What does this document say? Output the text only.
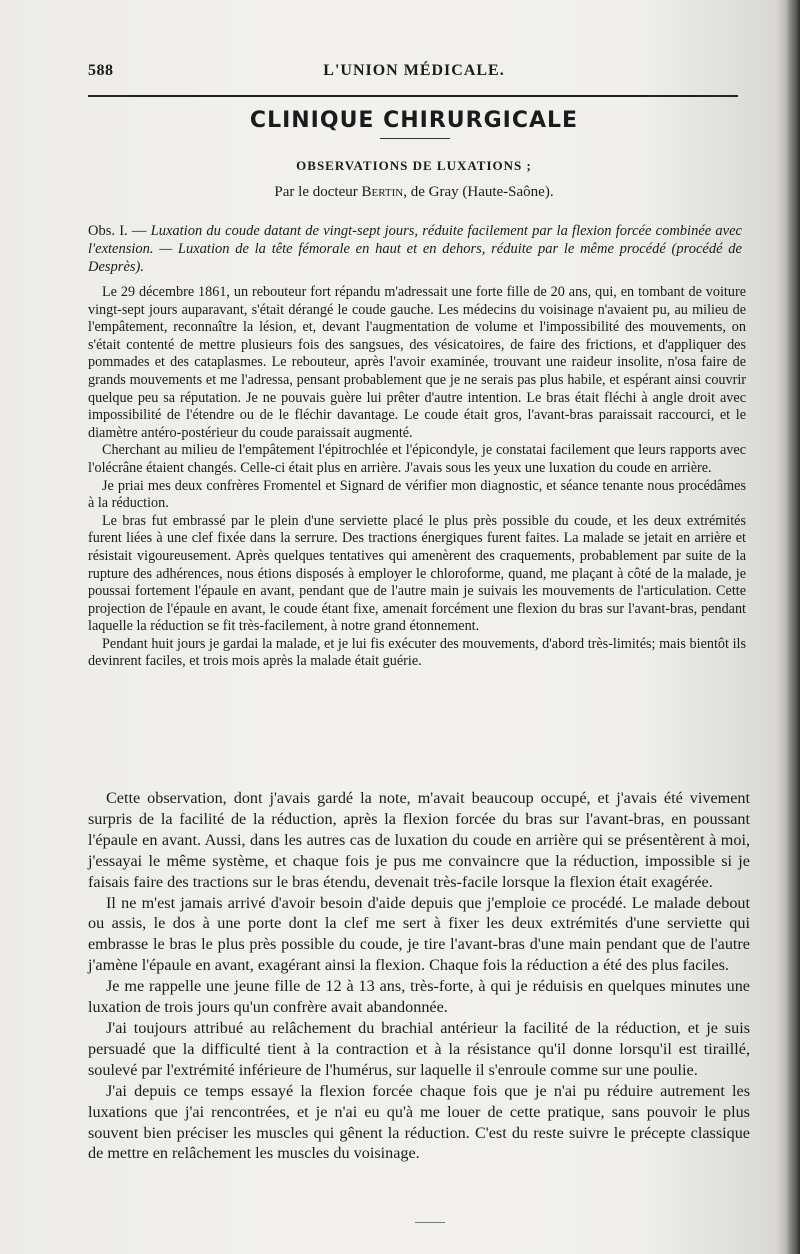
588	L'UNION MÉDICALE.
CLINIQUE CHIRURGICALE
OBSERVATIONS DE LUXATIONS ;
Par le docteur Bertin, de Gray (Haute-Saône).
Obs. I. — Luxation du coude datant de vingt-sept jours, réduite facilement par la flexion forcée combinée avec l'extension. — Luxation de la tête fémorale en haut et en dehors, réduite par le même procédé (procédé de Desprès).

Le 29 décembre 1861, un rebouteur fort répandu m'adressait une forte fille de 20 ans, qui, en tombant de voiture vingt-sept jours auparavant, s'était dérangé le coude gauche. Les médecins du voisinage n'avaient pu, au milieu de l'empâtement, reconnaître la lésion, et, devant l'augmentation de volume et l'impossibilité des mouvements, on s'était contenté de mettre plusieurs fois des sangsues, des vésicatoires, de faire des frictions, et d'appliquer des pommades et des cataplasmes. Le rebouteur, après l'avoir examinée, trouvant une raideur insolite, n'osa faire de grands mouvements et me l'adressa, pensant probablement que je ne serais pas plus habile, et espérant ainsi couvrir quelque peu sa réputation. Je ne pouvais guère lui prêter d'autre intention. Le bras était fléchi à angle droit avec impossibilité de l'étendre ou de le fléchir davantage. Le coude était gros, l'avant-bras paraissait raccourci, et le diamètre antéro-postérieur du coude paraissait augmenté.

Cherchant au milieu de l'empâtement l'épitrochlée et l'épicondyle, je constatai facilement que leurs rapports avec l'olécrâne étaient changés. Celle-ci était plus en arrière. J'avais sous les yeux une luxation du coude en arrière.

Je priai mes deux confrères Fromentel et Signard de vérifier mon diagnostic, et séance tenante nous procédâmes à la réduction.

Le bras fut embrassé par le plein d'une serviette placé le plus près possible du coude, et les deux extrémités furent liées à une clef fixée dans la serrure. Des tractions énergiques furent faites. La malade se jetait en arrière et résistait vigoureusement. Après quelques tentatives qui amenèrent des craquements, probablement par suite de la rupture des adhérences, nous étions disposés à employer le chloroforme, quand, me plaçant à côté de la malade, je poussai fortement l'épaule en avant, pendant que de l'autre main je suivais les mouvements de l'articulation. Cette projection de l'épaule en avant, le coude étant fixe, amenait forcément une flexion du bras sur l'avant-bras, pendant laquelle la réduction se fit très-facilement, à notre grand étonnement.

Pendant huit jours je gardai la malade, et je lui fis exécuter des mouvements, d'abord très-limités; mais bientôt ils devinrent faciles, et trois mois après la malade était guérie.

Cette observation, dont j'avais gardé la note, m'avait beaucoup occupé, et j'avais été vivement surpris de la facilité de la réduction, après la flexion forcée du bras sur l'avant-bras, en poussant l'épaule en avant. Aussi, dans les autres cas de luxation du coude en arrière qui se présentèrent à moi, j'essayai le même système, et chaque fois je pus me convaincre que la réduction, impossible si je faisais faire des tractions sur le bras étendu, devenait très-facile lorsque la flexion était exagérée.

Il ne m'est jamais arrivé d'avoir besoin d'aide depuis que j'emploie ce procédé. Le malade debout ou assis, le dos à une porte dont la clef me sert à fixer les deux extrémités d'une serviette qui embrasse le bras le plus près possible du coude, je tire l'avant-bras d'une main pendant que de l'autre j'amène l'épaule en avant, exagérant ainsi la flexion. Chaque fois la réduction a été des plus faciles.

Je me rappelle une jeune fille de 12 à 13 ans, très-forte, à qui je réduisis en quelques minutes une luxation de trois jours qu'un confrère avait abandonnée.

J'ai toujours attribué au relâchement du brachial antérieur la facilité de la réduction, et je suis persuadé que la difficulté tient à la contraction et à la résistance qu'il donne lorsqu'il est tiraillé, soulevé par l'extrémité inférieure de l'humérus, sur laquelle il s'enroule comme sur une poulie.

J'ai depuis ce temps essayé la flexion forcée chaque fois que je n'ai pu réduire autrement les luxations que j'ai rencontrées, et je n'ai eu qu'à me louer de cette pratique, sans pouvoir le plus souvent bien préciser les muscles qui gênent la réduction. C'est du reste suivre le précepte classique de mettre en relâchement les muscles du voisinage.
